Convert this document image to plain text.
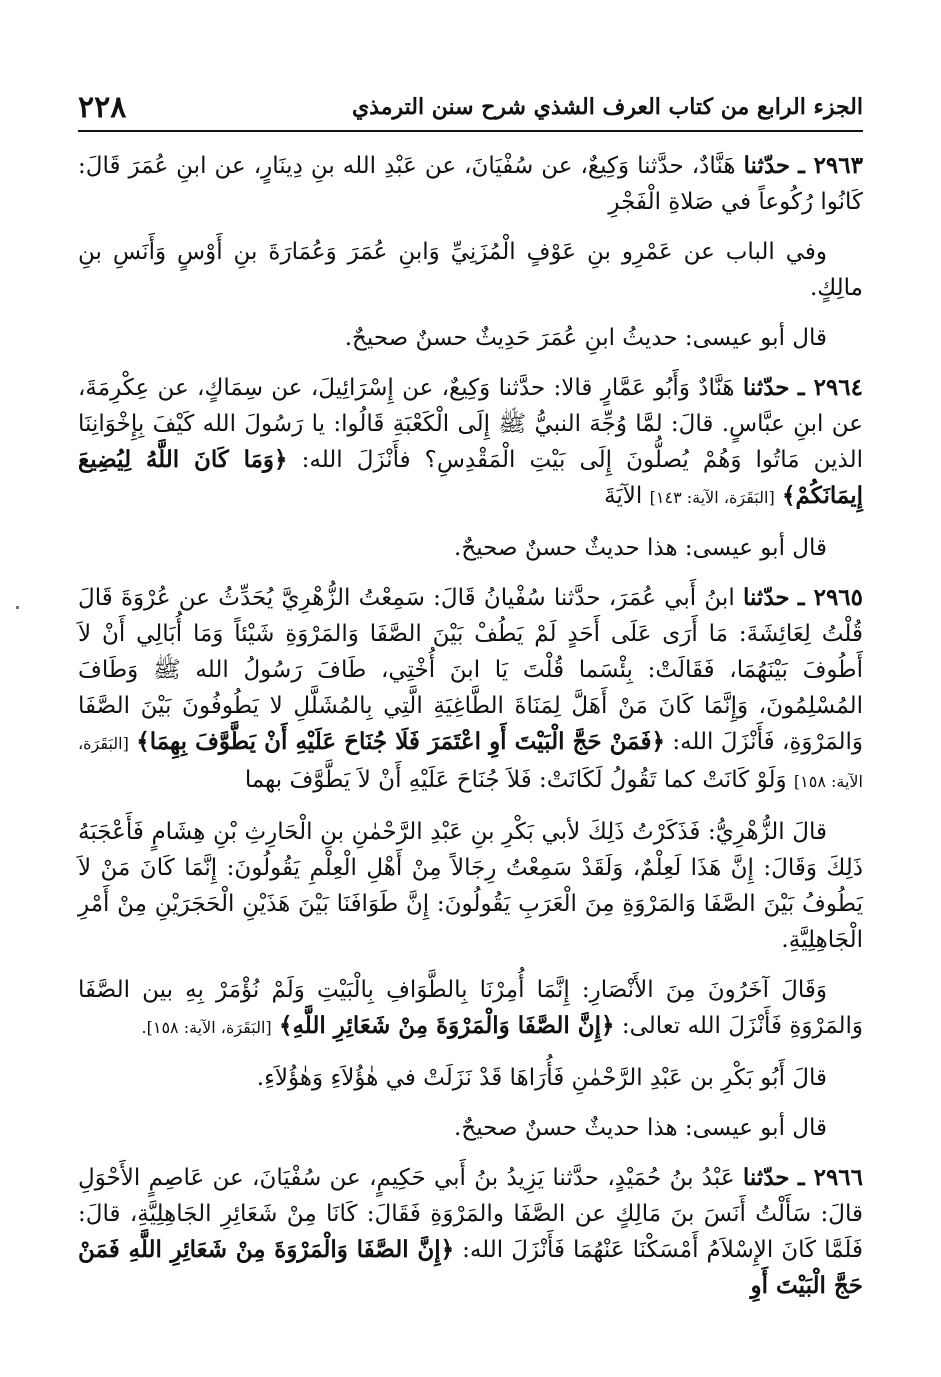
الجزء الرابع من كتاب العرف الشذي شرح سنن الترمذي
٢٢٨

٢٩٦٣ ـ حدّثنا هَنَّادٌ، حدَّثنا وَكِيعٌ، عن سُفْيَانَ، عن عَبْدِ الله بنِ دِينَارٍ، عن ابنِ عُمَرَ قَالَ: كَانُوا رُكُوعاً في صَلاةِ الْفَجْرِ

وفي الباب عن عَمْرِو بنِ عَوْفٍ الْمُزَنِيِّ وَابنِ عُمَرَ وَعُمَارَةَ بنِ أَوْسٍ وَأَنَسِ بنِ مالِكٍ.

قال أبو عيسى: حديثُ ابنِ عُمَرَ حَدِيثٌ حسنٌ صحيحٌ.

٢٩٦٤ ـ حدّثنا هَنَّادٌ وَأَبُو عَمَّارٍ قالا: حدَّثنا وَكِيعٌ، عن إِسْرَائِيلَ، عن سِمَاكٍ، عن عِكْرِمَةَ، عن ابنِ عبَّاسٍ. قالَ: لمَّا وُجِّهَ النبيُّ ﷺ إِلَى الْكَعْبَةِ قَالُوا: يا رَسُولَ الله كَيْفَ بِإِخْوَانِنَا الذين مَاتُوا وَهُمْ يُصلُّونَ إِلَى بَيْتِ الْمَقْدِسِ؟ فأَنْزَلَ الله: ﴿وَمَا كَانَ اللَّهُ لِيُضِيعَ إِيمَانَكُمْ﴾ [البَقَرَة، الآية: ١٤٣] الآيَةَ

قال أبو عيسى: هذا حديثٌ حسنٌ صحيحٌ.

٢٩٦٥ ـ حدّثنا ابنُ أَبي عُمَرَ، حدَّثنا سُفْيانُ قَالَ: سَمِعْتُ الزُّهْرِيَّ يُحَدِّثُ عن عُرْوَةَ قَالَ قُلْتُ لِعَائِشَةَ: مَا أَرَى عَلَى أَحَدٍ لَمْ يَطُفْ بَيْنَ الصَّفَا وَالمَرْوَةِ شَيْئاً وَمَا أُبَالِي أَنْ لاَ أَطُوفَ بَيْنَهُمَا، فَقَالَتْ: بِئْسَما قُلْتَ يَا ابنَ أُخْتِي، طَافَ رَسُولُ الله ﷺ وَطَافَ المُسْلِمُونَ، وَإِنَّمَا كَانَ مَنْ أَهَلَّ لِمَنَاةَ الطَّاغِيَةِ الَّتِي بِالمُشَلَّلِ لا يَطُوفُونَ بَيْنَ الصَّفَا وَالمَرْوَةِ، فَأَنْزَلَ الله: ﴿فَمَنْ حَجَّ الْبَيْتَ أَوِ اعْتَمَرَ فَلَا جُنَاحَ عَلَيْهِ أَنْ يَطَّوَّفَ بِهِمَا﴾ [البَقَرَة، الآية: ١٥٨] وَلَوْ كَانَتْ كما تَقُولُ لَكَانَتْ: فَلاَ جُنَاحَ عَلَيْهِ أَنْ لاَ يَطَّوَّفَ بهما

قالَ الزُّهْرِيُّ: فَذَكَرْتُ ذَلِكَ لأبي بَكْرِ بنِ عَبْدِ الرَّحْمٰنِ بنِ الْحَارِثِ بْنِ هِشَامٍ فَأَعْجَبَهُ ذَلِكَ وَقَالَ: إِنَّ هَذَا لَعِلْمٌ، وَلَقَدْ سَمِعْتُ رِجَالاً مِنْ أَهْلِ الْعِلْمِ يَقُولُونَ: إِنَّمَا كَانَ مَنْ لاَ يَطُوفُ بَيْنَ الصَّفَا وَالمَرْوَةِ مِنَ الْعَرَبِ يَقُولُونَ: إِنَّ طَوَافَنَا بَيْنَ هَذَيْنِ الْحَجَرَيْنِ مِنْ أَمْرِ الْجَاهِلِيَّةِ.

وَقَالَ آخَرُونَ مِنَ الأَنْصَارِ: إِنَّمَا أُمِرْنَا بِالطَّوَافِ بِالْبَيْتِ وَلَمْ نُؤْمَرْ بِهِ بين الصَّفَا وَالمَرْوَةِ فَأَنْزَلَ الله تعالى: ﴿إِنَّ الصَّفَا وَالْمَرْوَةَ مِنْ شَعَائِرِ اللَّهِ﴾ [البَقَرَة، الآية: ١٥٨].

قالَ أَبُو بَكْرِ بن عَبْدِ الرَّحْمٰنِ فَأُرَاهَا قَدْ نَزَلَتْ في هٰؤُلاَءِ وَهٰؤُلاَءِ.

قال أبو عيسى: هذا حديثٌ حسنٌ صحيحٌ.

٢٩٦٦ ـ حدّثنا عَبْدُ بنُ حُمَيْدٍ، حدَّثنا يَزِيدُ بنُ أَبي حَكِيمٍ، عن سُفْيَانَ، عن عَاصِمٍ الأَحْوَلِ قالَ: سَأَلْتُ أَنَسَ بنَ مَالِكٍ عن الصَّفَا والمَرْوَةِ فَقَالَ: كَانَا مِنْ شَعَائِرِ الجَاهِلِيَّةِ، قالَ: فَلَمَّا كَانَ الإِسْلاَمُ أَمْسَكْنَا عَنْهُمَا فَأَنْزَلَ الله: ﴿إِنَّ الصَّفَا وَالْمَرْوَةَ مِنْ شَعَائِرِ اللَّهِ فَمَنْ حَجَّ الْبَيْتَ أَوِ
